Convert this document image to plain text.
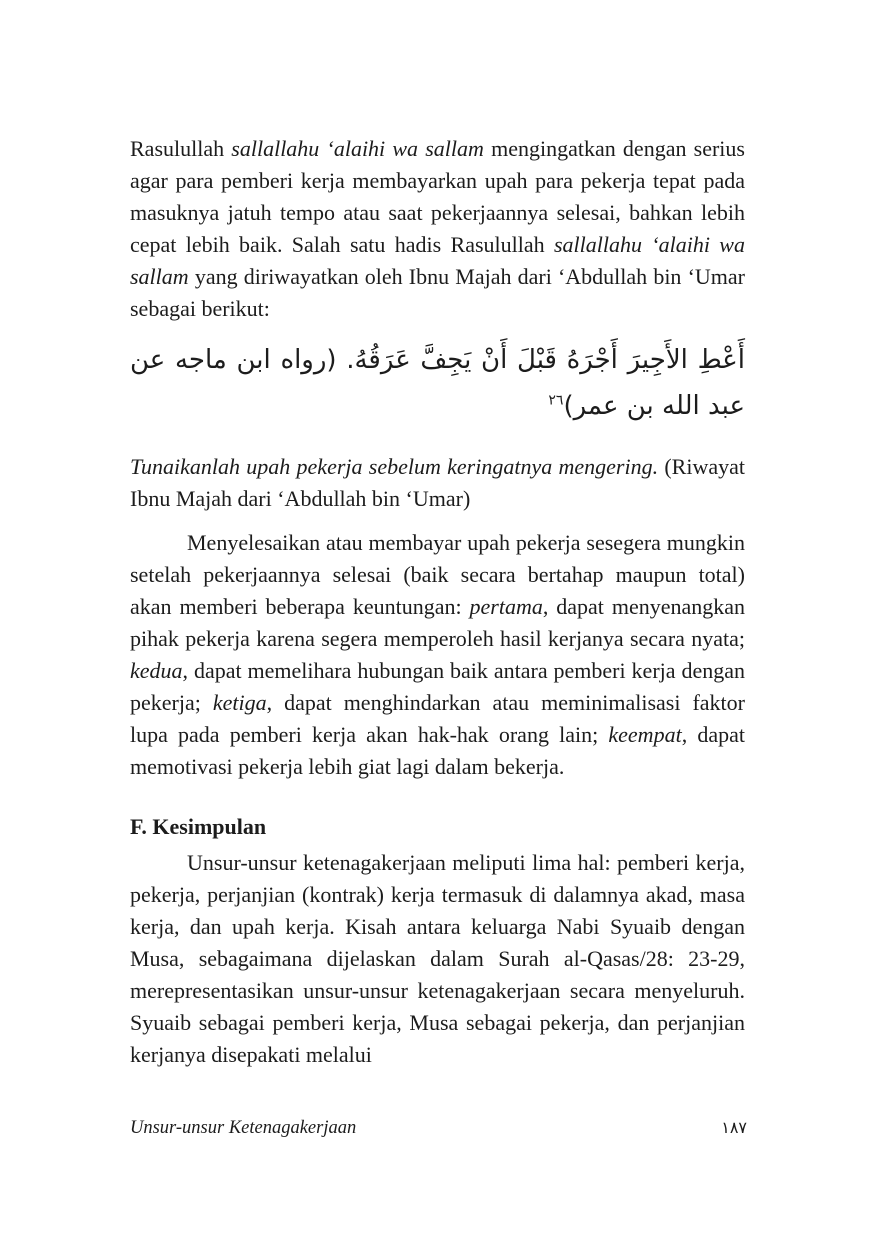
Rasulullah sallallahu ‘alaihi wa sallam mengingatkan dengan serius agar para pemberi kerja membayarkan upah para pekerja tepat pada masuknya jatuh tempo atau saat pekerjaannya selesai, bahkan lebih cepat lebih baik. Salah satu hadis Rasulullah sallallahu ‘alaihi wa sallam yang diriwayatkan oleh Ibnu Majah dari ‘Abdullah bin ‘Umar sebagai berikut:

أَعْطِ الأَجِيرَ أَجْرَهُ قَبْلَ أَنْ يَجِفَّ عَرَقُهُ. (رواه ابن ماجه عن عبد الله بن عمر)$^{٢٦}$

Tunaikanlah upah pekerja sebelum keringatnya mengering. (Riwayat Ibnu Majah dari ‘Abdullah bin ‘Umar)

Menyelesaikan atau membayar upah pekerja sesegera mungkin setelah pekerjaannya selesai (baik secara bertahap maupun total) akan memberi beberapa keuntungan: pertama, dapat menyenangkan pihak pekerja karena segera memperoleh hasil kerjanya secara nyata; kedua, dapat memelihara hubungan baik antara pemberi kerja dengan pekerja; ketiga, dapat menghindarkan atau meminimalisasi faktor lupa pada pemberi kerja akan hak-hak orang lain; keempat, dapat memotivasi pekerja lebih giat lagi dalam bekerja.

F. Kesimpulan

Unsur-unsur ketenagakerjaan meliputi lima hal: pemberi kerja, pekerja, perjanjian (kontrak) kerja termasuk di dalamnya akad, masa kerja, dan upah kerja. Kisah antara keluarga Nabi Syuaib dengan Musa, sebagaimana dijelaskan dalam Surah al-Qasas/28: 23-29, merepresentasikan unsur-unsur ketenagakerjaan secara menyeluruh. Syuaib sebagai pemberi kerja, Musa sebagai pekerja, dan perjanjian kerjanya disepakati melalui

Unsur-unsur Ketenagakerjaan	١٨٧
